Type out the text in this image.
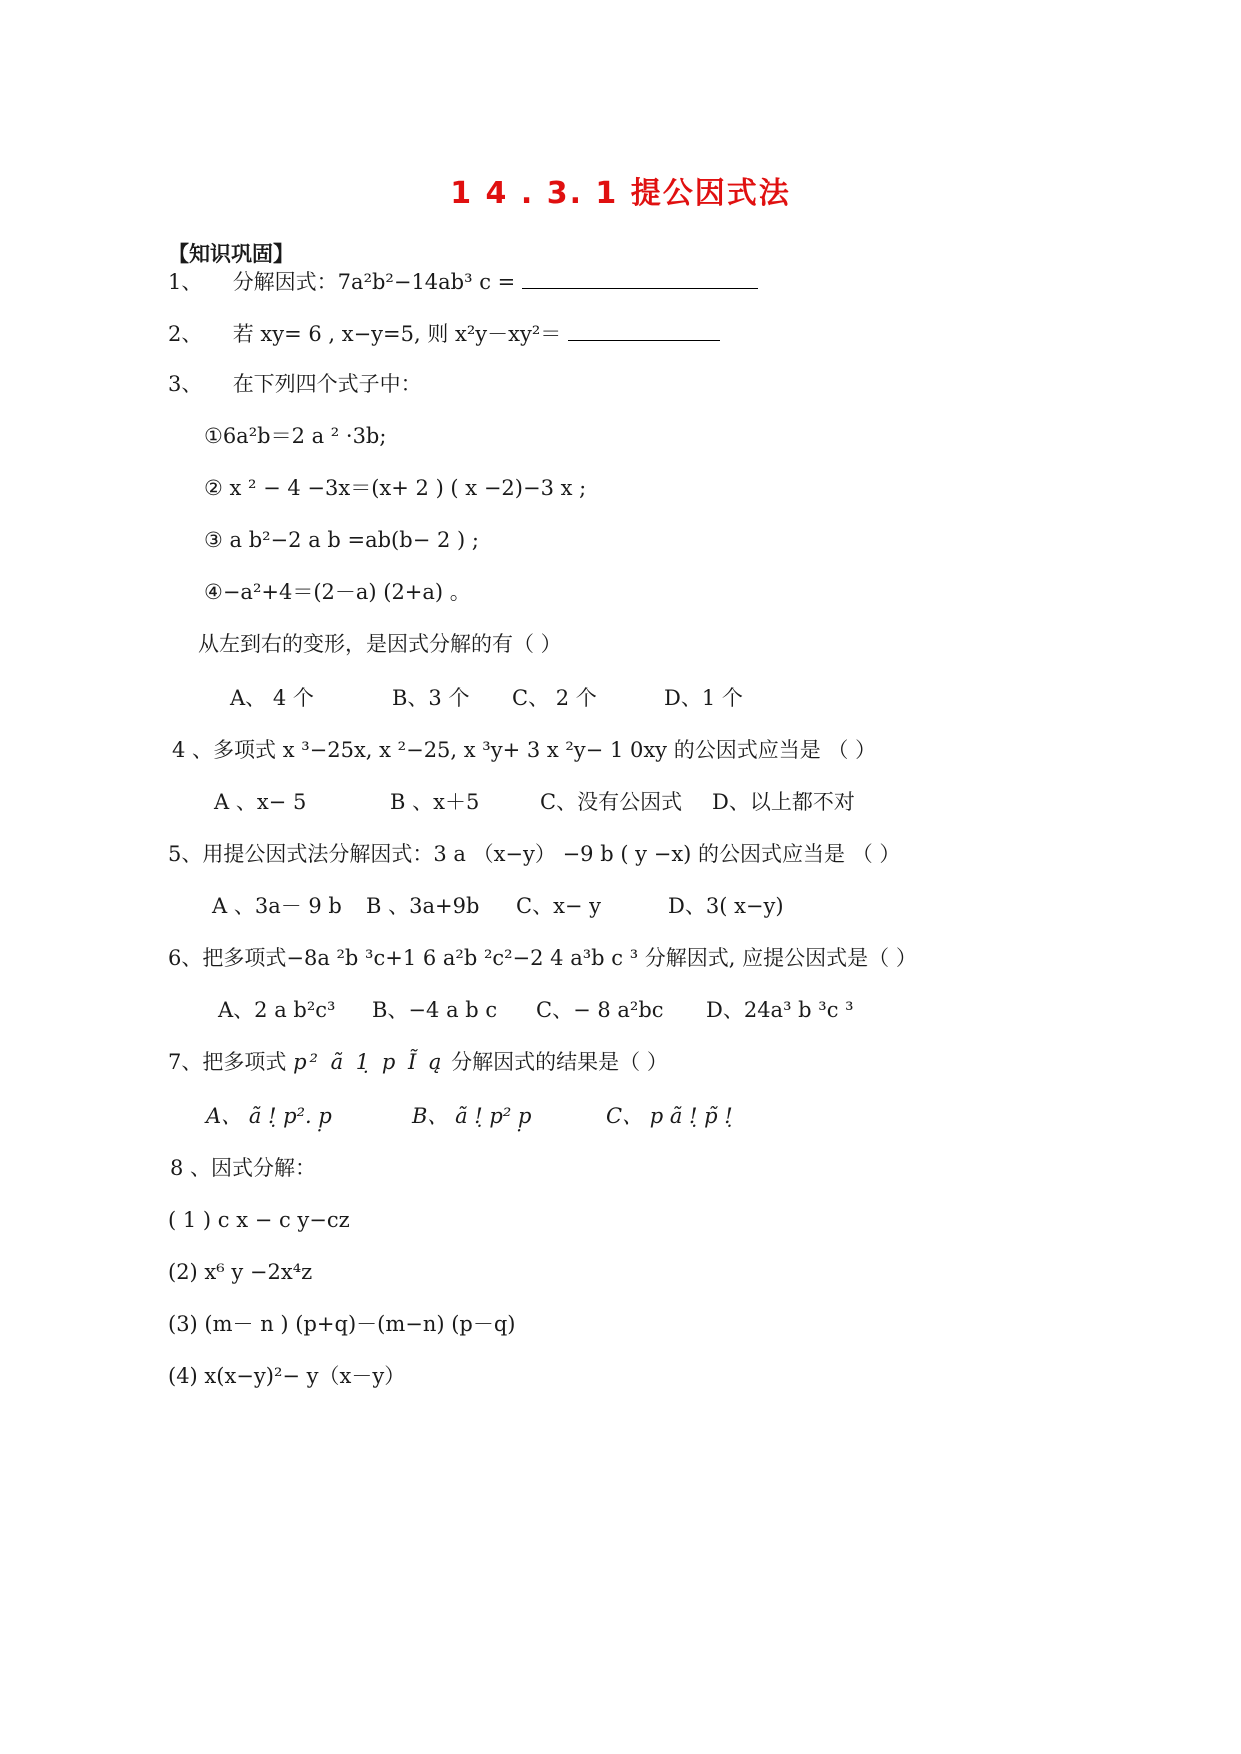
1 4 . 3. 1 提公因式法
【知识巩固】
1、 分解因式：7a²b²−14ab³ c =
2、 若 xy= 6 , x−y=5, 则 x²y－xy²＝
3、 在下列四个式子中：
①6a²b＝2 a ² ·3b;
② x ² − 4 −3x＝(x+ 2 ) ( x −2)−3 x ;
③ a b²−2 a b =ab(b− 2 ) ;
④−a²+4＝(2－a) (2+a) 。
从左到右的变形，是因式分解的有（ ）
A、 4 个	B、3 个 C、 2 个	D、1 个
4 、多项式 x ³−25x, x ²−25, x ³y+ 3 x ²y− 1 0xy 的公因式应当是 （ ）
A 、x− 5	B 、x＋5	C、没有公因式 D、以上都不对
5、用提公因式法分解因式：3 a （x−y） −9 b ( y −x) 的公因式应当是 （ ）
A 、3a－ 9 b B 、3a+9b C、x− y	D、3( x−y)
6、把多项式−8a ²b ³c+1 6 a²b ²c²−2 4 a³b c ³ 分解因式, 应提公因式是（ ）
A、2 a b²c³ B、−4 a b c C、− 8 a²bc D、24a³ b ³c ³
7、把多项式 p² ã 1̣ p Ĩ ą 分解因式的结果是（ ）
A、 ã !̣ p². p̣	B、 ã !̣ p² p̣	C、 p ã !̣ p̃ !̣
8 、因式分解：
( 1 ) c x − c y−cz
(2) x⁶ y −2x⁴z
(3) (m－ n ) (p+q)－(m−n) (p－q)
(4) x(x−y)²− y（x－y）
